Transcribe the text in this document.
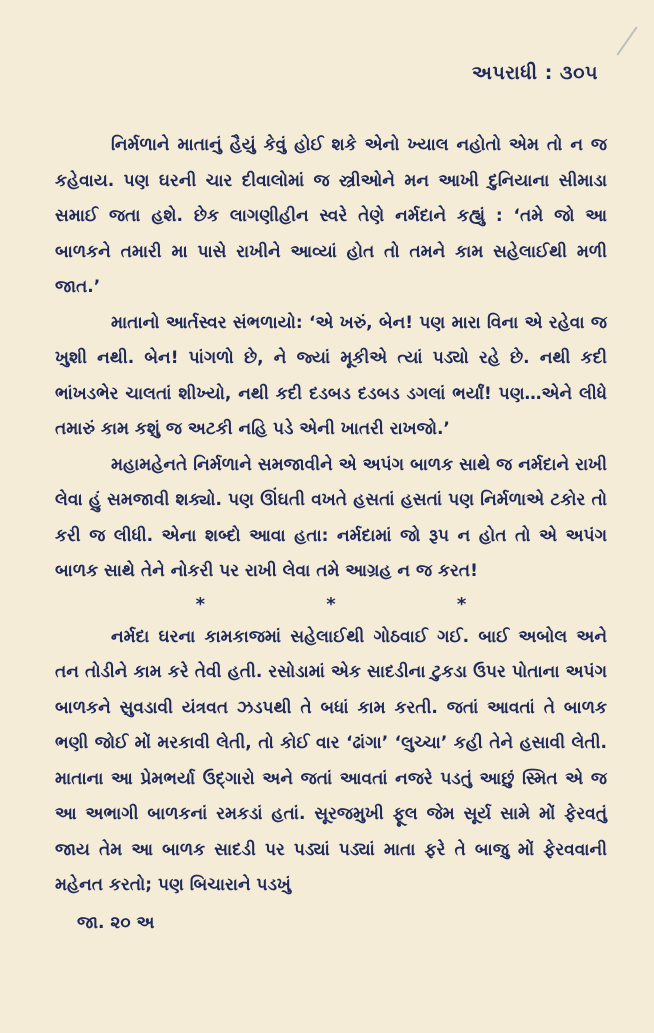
અપરાધી : ૩૦૫

નિર્મળાને માતાનું હૈયું કેવું હોઈ શકે એનો ખ્યાલ નહોતો એમ તો ન જ કહેવાય. પણ ઘરની ચાર દીવાલોમાં જ સ્ત્રીઓને મન આખી દુનિયાના સીમાડા સમાઈ જતા હશે. છેક લાગણીહીન સ્વરે તેણે નર્મદાને કહ્યું : ‘તમે જો આ બાળકને તમારી મા પાસે રાખીને આવ્યાં હોત તો તમને કામ સહેલાઈથી મળી જાત.’

માતાનો આર્તસ્વર સંભળાયો: ‘એ ખરું, બેન! પણ મારા વિના એ રહેવા જ ખુશી નથી. બેન! પાંગળો છે, ને જ્યાં મૂકીએ ત્યાં પડ્યો રહે છે. નથી કદી ભાંખડભેર ચાલતાં શીખ્યો, નથી કદી દડબડ દડબડ ડગલાં ભર્યાં! પણ…એને લીધે તમારું કામ કશું જ અટકી નહિ પડે એની ખાતરી રાખજો.’

મહામહેનતે નિર્મળાને સમજાવીને એ અપંગ બાળક સાથે જ નર્મદાને રાખી લેવા હું સમજાવી શક્યો. પણ ઊંઘતી વખતે હસતાં હસતાં પણ નિર્મળાએ ટકોર તો કરી જ લીધી. એના શબ્દો આવા હતા: નર્મદામાં જો રૂપ ન હોત તો એ અપંગ બાળક સાથે તેને નોકરી પર રાખી લેવા તમે આગ્રહ ન જ કરત!

*	*	*

નર્મદા ઘરના કામકાજમાં સહેલાઈથી ગોઠવાઈ ગઈ. બાઈ અબોલ અને તન તોડીને કામ કરે તેવી હતી. રસોડામાં એક સાદડીના ટુકડા ઉપર પોતાના અપંગ બાળકને સુવડાવી યંત્રવત ઝડપથી તે બધાં કામ કરતી. જતાં આવતાં તે બાળક ભણી જોઈ મોં મરકાવી લેતી, તો કોઈ વાર ‘ઢાંગા’ ‘લુચ્ચા’ કહી તેને હસાવી લેતી. માતાના આ પ્રેમભર્યા ઉદ્‌ગારો અને જતાં આવતાં નજરે પડતું આછું સ્મિત એ જ આ અભાગી બાળકનાં રમકડાં હતાં. સૂરજમુખી ફૂલ જેમ સૂર્ય સામે મોં ફેરવતું જાય તેમ આ બાળક સાદડી પર પડ્યાં પડ્યાં માતા ફરે તે બાજુ મોં ફેરવવાની મહેનત કરતો; પણ બિચારાને પડખું

જા. ૨૦ અ
